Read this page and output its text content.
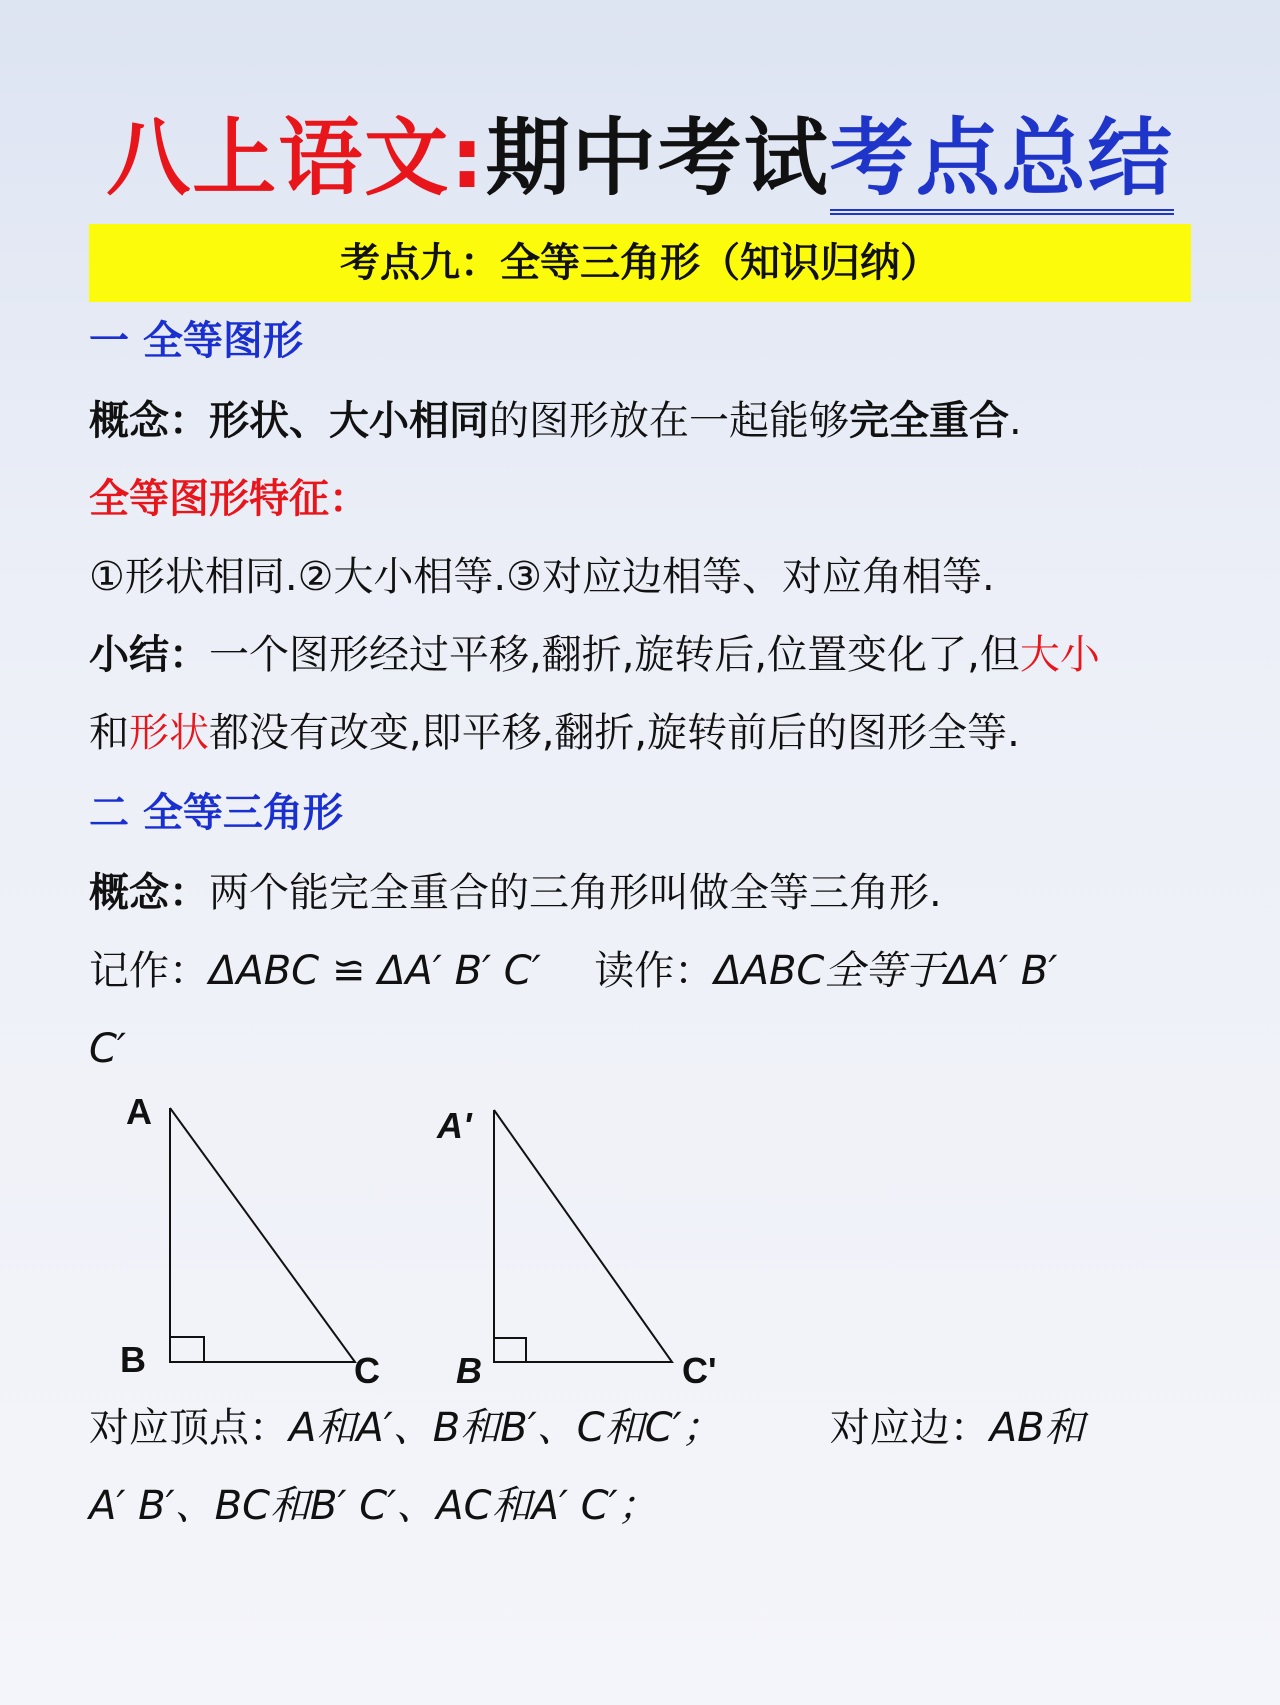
八上语文:期中考试考点总结
考点九：全等三角形（知识归纳）
一 全等图形
概念：形状、大小相同的图形放在一起能够完全重合.
全等图形特征：
①形状相同.②大小相等.③对应边相等、对应角相等.
小结：一个图形经过平移,翻折,旋转后,位置变化了,但大小
和形状都没有改变,即平移,翻折,旋转前后的图形全等.
二 全等三角形
概念：两个能完全重合的三角形叫做全等三角形.
记作：ΔABC ≌ ΔA′ B′ C′ 读作：ΔABC全等于ΔA′ B′
C′
A
B	C
A'
B	C'
对应顶点：A和A′、B和B′、C和C′；	对应边：AB和
A′ B′、BC和B′ C′、AC和A′ C′；
